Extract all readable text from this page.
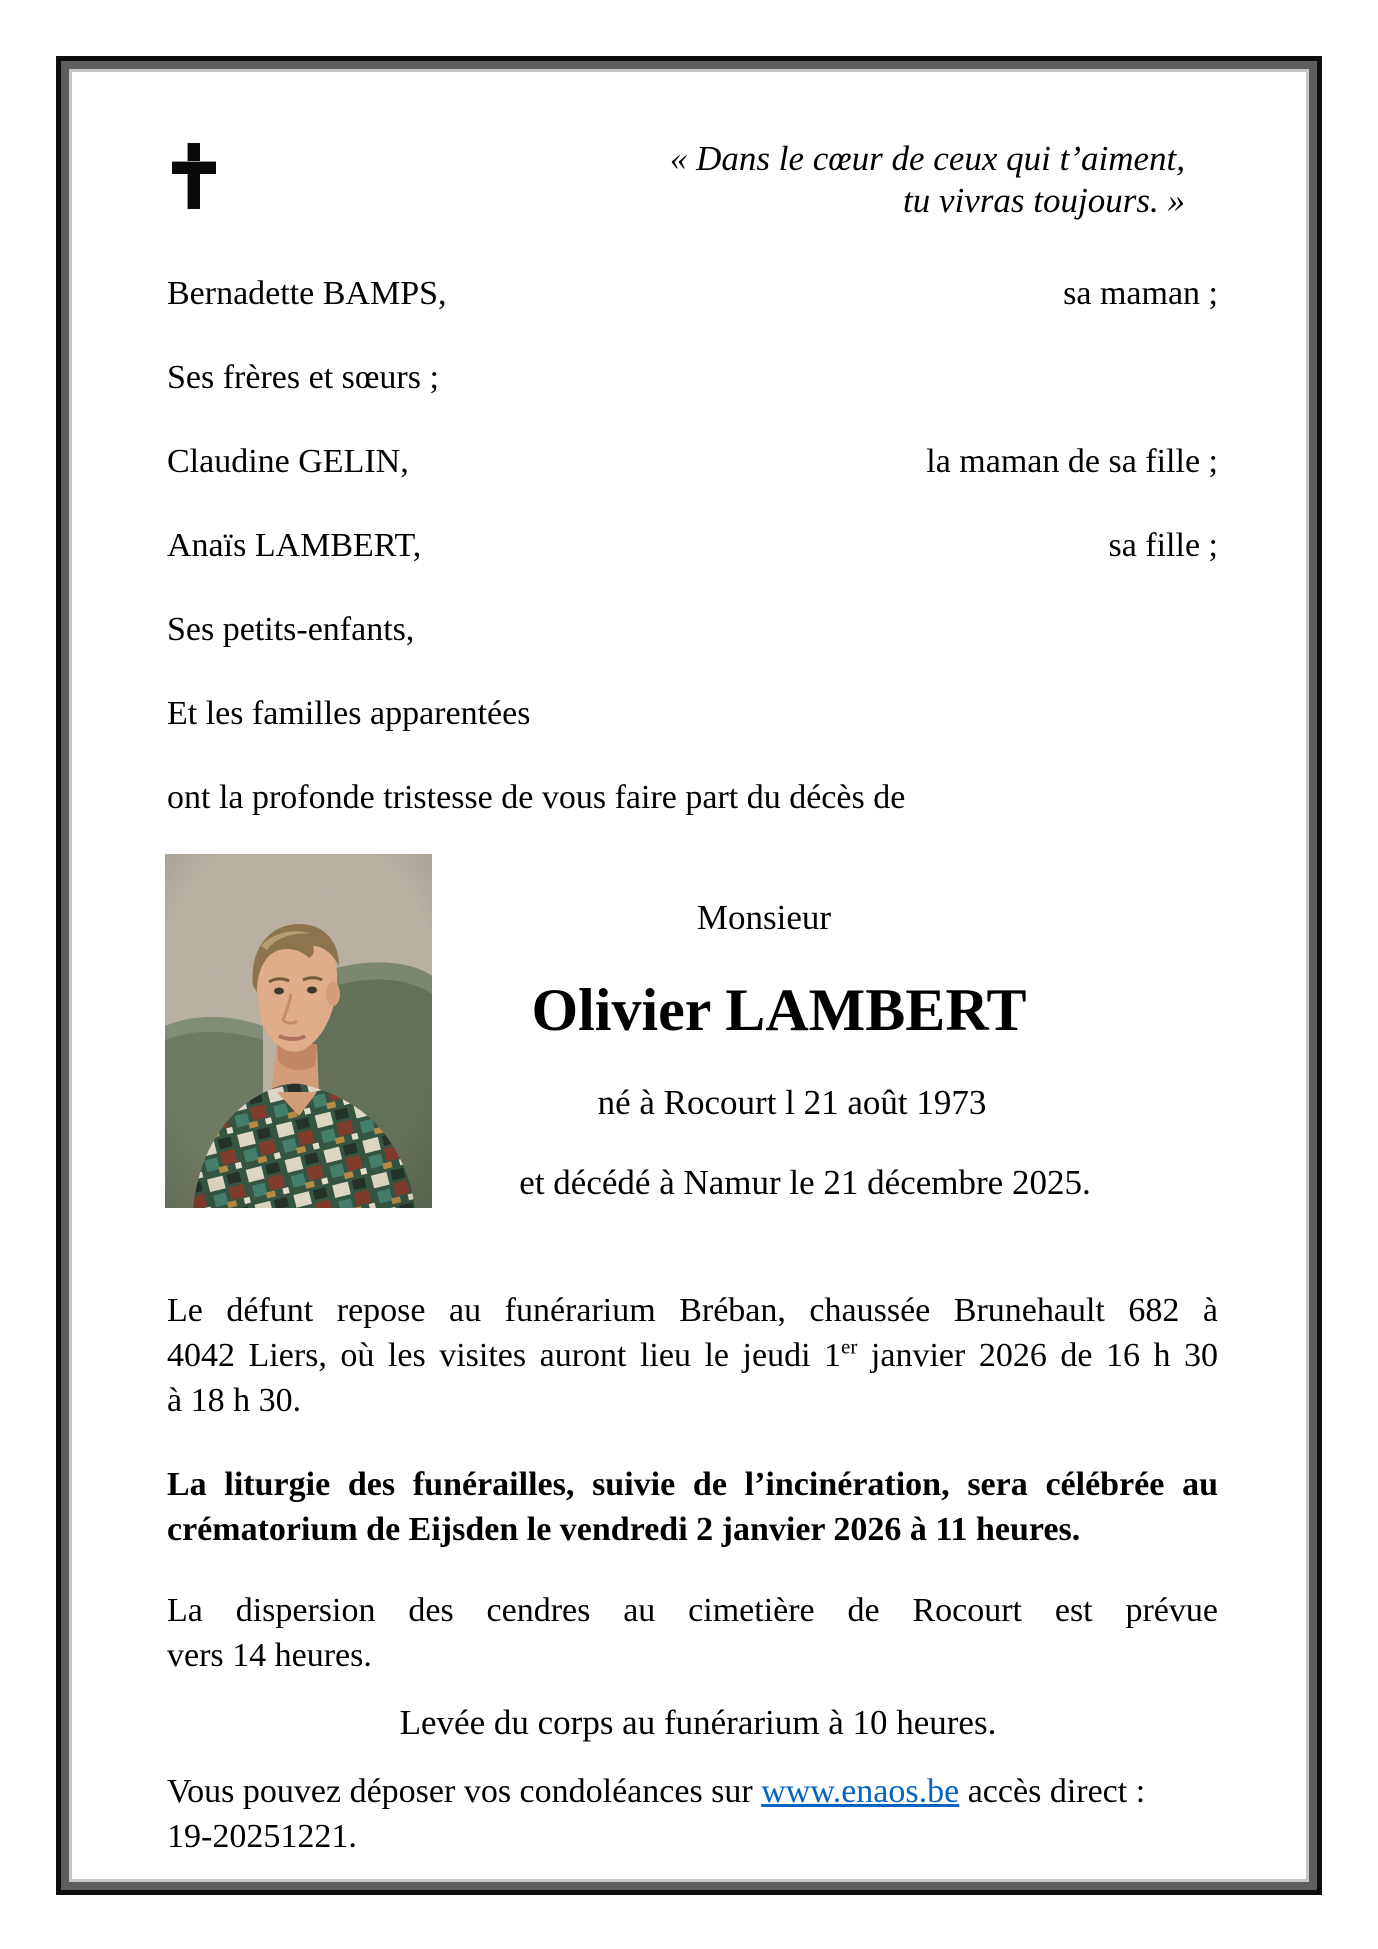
« Dans le cœur de ceux qui t’aiment,
tu vivras toujours. »
Bernadette BAMPS,	sa maman ;
Ses frères et sœurs ;
Claudine GELIN,	la maman de sa fille ;
Anaïs LAMBERT,	sa fille ;
Ses petits-enfants,
Et les familles apparentées
ont la profonde tristesse de vous faire part du décès de
Monsieur
Olivier LAMBERT
né à Rocourt l 21 août 1973
et décédé à Namur le 21 décembre 2025.
Le défunt repose au funérarium Bréban, chaussée Brunehault 682 à
4042 Liers, où les visites auront lieu le jeudi 1er janvier 2026 de 16 h 30
à 18 h 30.
La liturgie des funérailles, suivie de l’incinération, sera célébrée au
crématorium de Eijsden le vendredi 2 janvier 2026 à 11 heures.
La dispersion des cendres au cimetière de Rocourt est prévue
vers 14 heures.
Levée du corps au funérarium à 10 heures.
Vous pouvez déposer vos condoléances sur www.enaos.be accès direct :
19-20251221.
